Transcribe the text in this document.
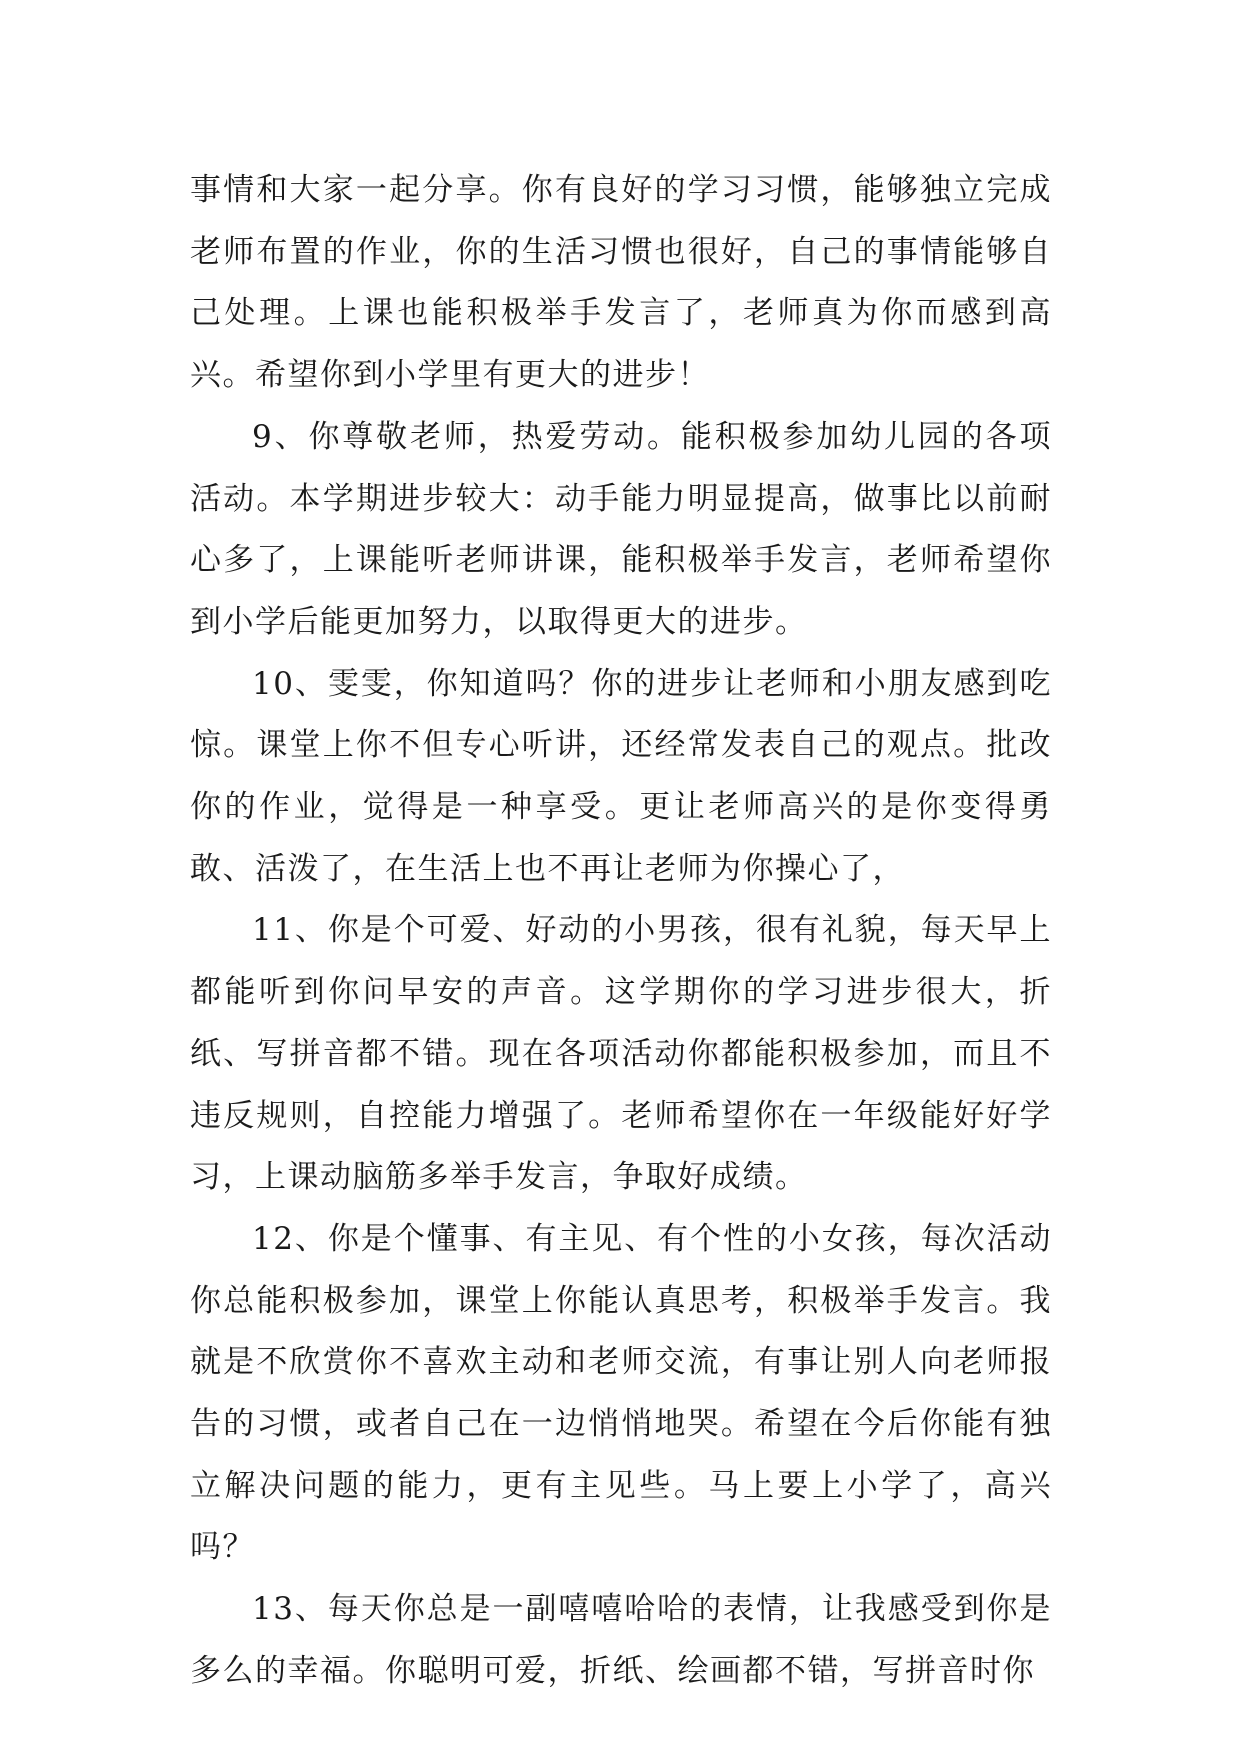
事情和大家一起分享。你有良好的学习习惯，能够独立完成老师布置的作业，你的生活习惯也很好，自己的事情能够自己处理。上课也能积极举手发言了，老师真为你而感到高兴。希望你到小学里有更大的进步！

9、你尊敬老师，热爱劳动。能积极参加幼儿园的各项活动。本学期进步较大：动手能力明显提高，做事比以前耐心多了，上课能听老师讲课，能积极举手发言，老师希望你到小学后能更加努力，以取得更大的进步。

10、雯雯，你知道吗？你的进步让老师和小朋友感到吃惊。课堂上你不但专心听讲，还经常发表自己的观点。批改你的作业，觉得是一种享受。更让老师高兴的是你变得勇敢、活泼了，在生活上也不再让老师为你操心了，

11、你是个可爱、好动的小男孩，很有礼貌，每天早上都能听到你问早安的声音。这学期你的学习进步很大，折纸、写拼音都不错。现在各项活动你都能积极参加，而且不违反规则，自控能力增强了。老师希望你在一年级能好好学习，上课动脑筋多举手发言，争取好成绩。

12、你是个懂事、有主见、有个性的小女孩，每次活动你总能积极参加，课堂上你能认真思考，积极举手发言。我就是不欣赏你不喜欢主动和老师交流，有事让别人向老师报告的习惯，或者自己在一边悄悄地哭。希望在今后你能有独立解决问题的能力，更有主见些。马上要上小学了，高兴吗？

13、每天你总是一副嘻嘻哈哈的表情，让我感受到你是多么的幸福。你聪明可爱，折纸、绘画都不错，写拼音时你
